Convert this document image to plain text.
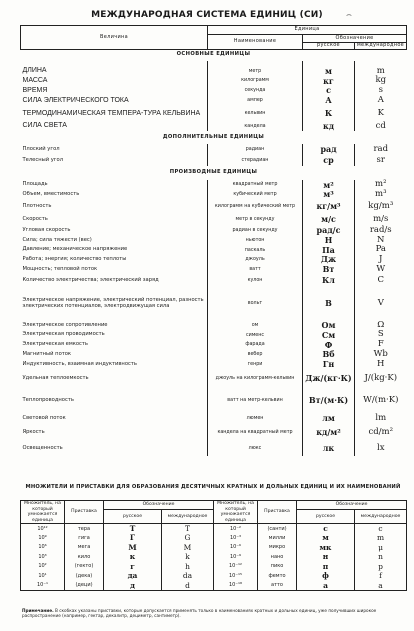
МЕЖДУНАРОДНАЯ СИСТЕМА ЕДИНИЦ (СИ)	⌢
Величина	Единица		
	Наименование	Обозначение	
		русское	международное
ОСНОВНЫЕ ЕДИНИЦЫ			

ДЛИНА	метр	м	m
МАССА	килограмм	кг	kg
ВРЕМЯ	секунда	с	s
СИЛА ЭЛЕКТРИЧЕСКОГО ТОКА	ампер	А	A
ТЕРМОДИНАМИЧЕСКАЯ ТЕМПЕРА-ТУРА КЕЛЬВИНА	кельвин	К	K
СИЛА СВЕТА	кандела	кд	cd
ДОПОЛНИТЕЛЬНЫЕ ЕДИНИЦЫ			
Плоский угол	радиан	рад	rad
Телесный угол	стерадиан	ср	sr
ПРОИЗВОДНЫЕ ЕДИНИЦЫ			
Площадь	квадратный метр	м²	m²
Объем, вместимость	кубический метр	м³	m³
Плотность	килограмм на кубический метр	кг/м³	kg/m³
Скорость	метр в секунду	м/с	m/s
Угловая скорость	радиан в секунду	рад/с	rad/s
Сила; сила тяжести (вес)	ньютон	Н	N
Давление; механическое напряжение	паскаль	Па	Pa
Работа; энергия; количество теплоты	джоуль	Дж	J
Мощность; тепловой поток	ватт	Вт	W
Количество электричества; электрический заряд	кулон	Кл	C
Электрическое напряжение, электрический потенциал, разность электрических потенциалов, электродвижущая сила	вольт	В	V
Электрическое сопротивление	ом	Ом	Ω
Электрическая проводимость	сименс	См	S
Электрическая емкость	фарада	Ф	F
Магнитный поток	вебер	Вб	Wb
Индуктивность, взаимная индуктивность	генри	Гн	H
Удельная теплоемкость	джоуль на килограмм-кельвин	Дж/(кг·К)	J/(kg·K)
Теплопроводность	ватт на метр-кельвин	Вт/(м·К)	W/(m·K)
Световой поток	люмен	лм	lm
Яркость	кандела на квадратный метр	кд/м²	cd/m²
Освещенность	люкс	лк	lx
МНОЖИТЕЛИ И ПРИСТАВКИ ДЛЯ ОБРАЗОВАНИЯ ДЕСЯТИЧНЫХ КРАТНЫХ И ДОЛЬНЫХ ЕДИНИЦ И ИХ НАИМЕНОВАНИЙ
Множитель, на который умножается единица	Приставка	Обозначение		Множитель, на который умножается единица	Приставка	Обозначение	
		русское	международное			русское	международное
10¹²	тера	Т	T	10⁻²	(санти)	с	c
10⁹	гига	Г	G	10⁻³	милли	м	m
10⁶	мега	М	M	10⁻⁶	микро	мк	μ
10³	кило	к	k	10⁻⁹	нано	н	n
10²	(гекто)	г	h	10⁻¹²	пико	п	p
10¹	(дека)	да	da	10⁻¹⁵	фемто	ф	f
10⁻¹	(деци)	д	d	10⁻¹⁸	атто	а	a
Примечание. В скобках указаны приставки, которые допускается применять только в наименованиях кратных и дольных единиц, уже получивших широкое распространение (например, гектар, декалитр, дециметр, сантиметр).
